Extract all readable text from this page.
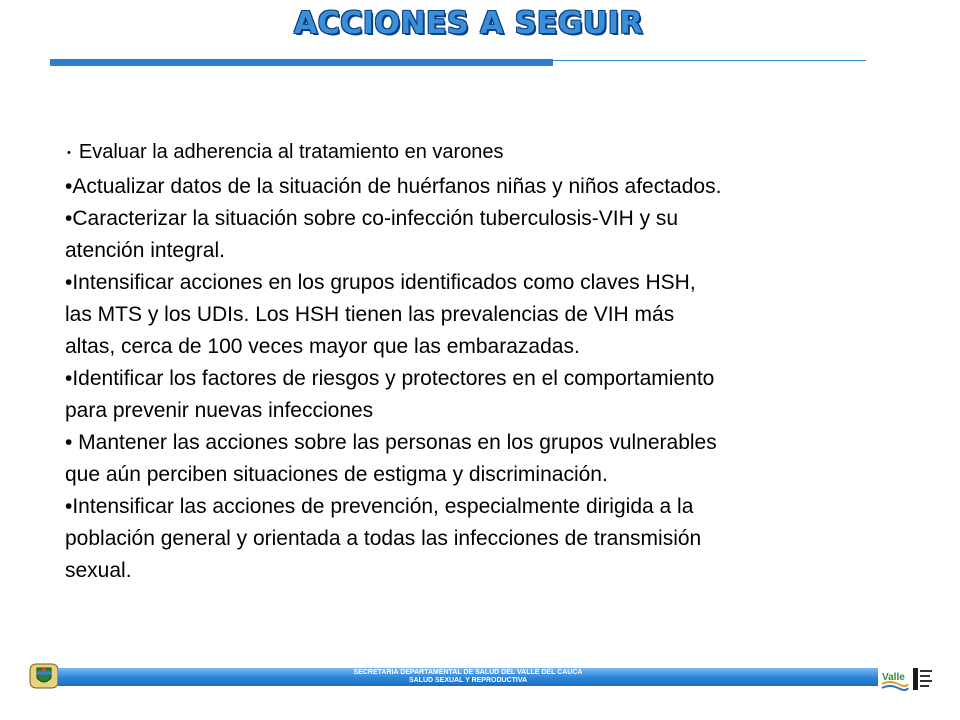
ACCIONES A SEGUIR
• Evaluar la adherencia al tratamiento en varones
•Actualizar datos de la situación de huérfanos niñas y niños afectados.
•Caracterizar la situación sobre co-infección tuberculosis-VIH y su
atención integral.
•Intensificar acciones en los grupos identificados como claves HSH,
las MTS y los UDIs. Los HSH tienen las prevalencias de VIH más
altas, cerca de 100 veces mayor que las embarazadas.
•Identificar los factores de riesgos y protectores en el comportamiento
para prevenir nuevas infecciones
• Mantener las acciones sobre las personas en los grupos vulnerables
que aún perciben situaciones de estigma y discriminación.
•Intensificar las acciones de prevención, especialmente dirigida a la
población general y orientada a todas las infecciones de transmisión
sexual.
SECRETARIA DEPARTAMENTAL DE SALUD DEL VALLE DEL CAUCA
SALUD SEXUAL Y REPRODUCTIVA	Valle
